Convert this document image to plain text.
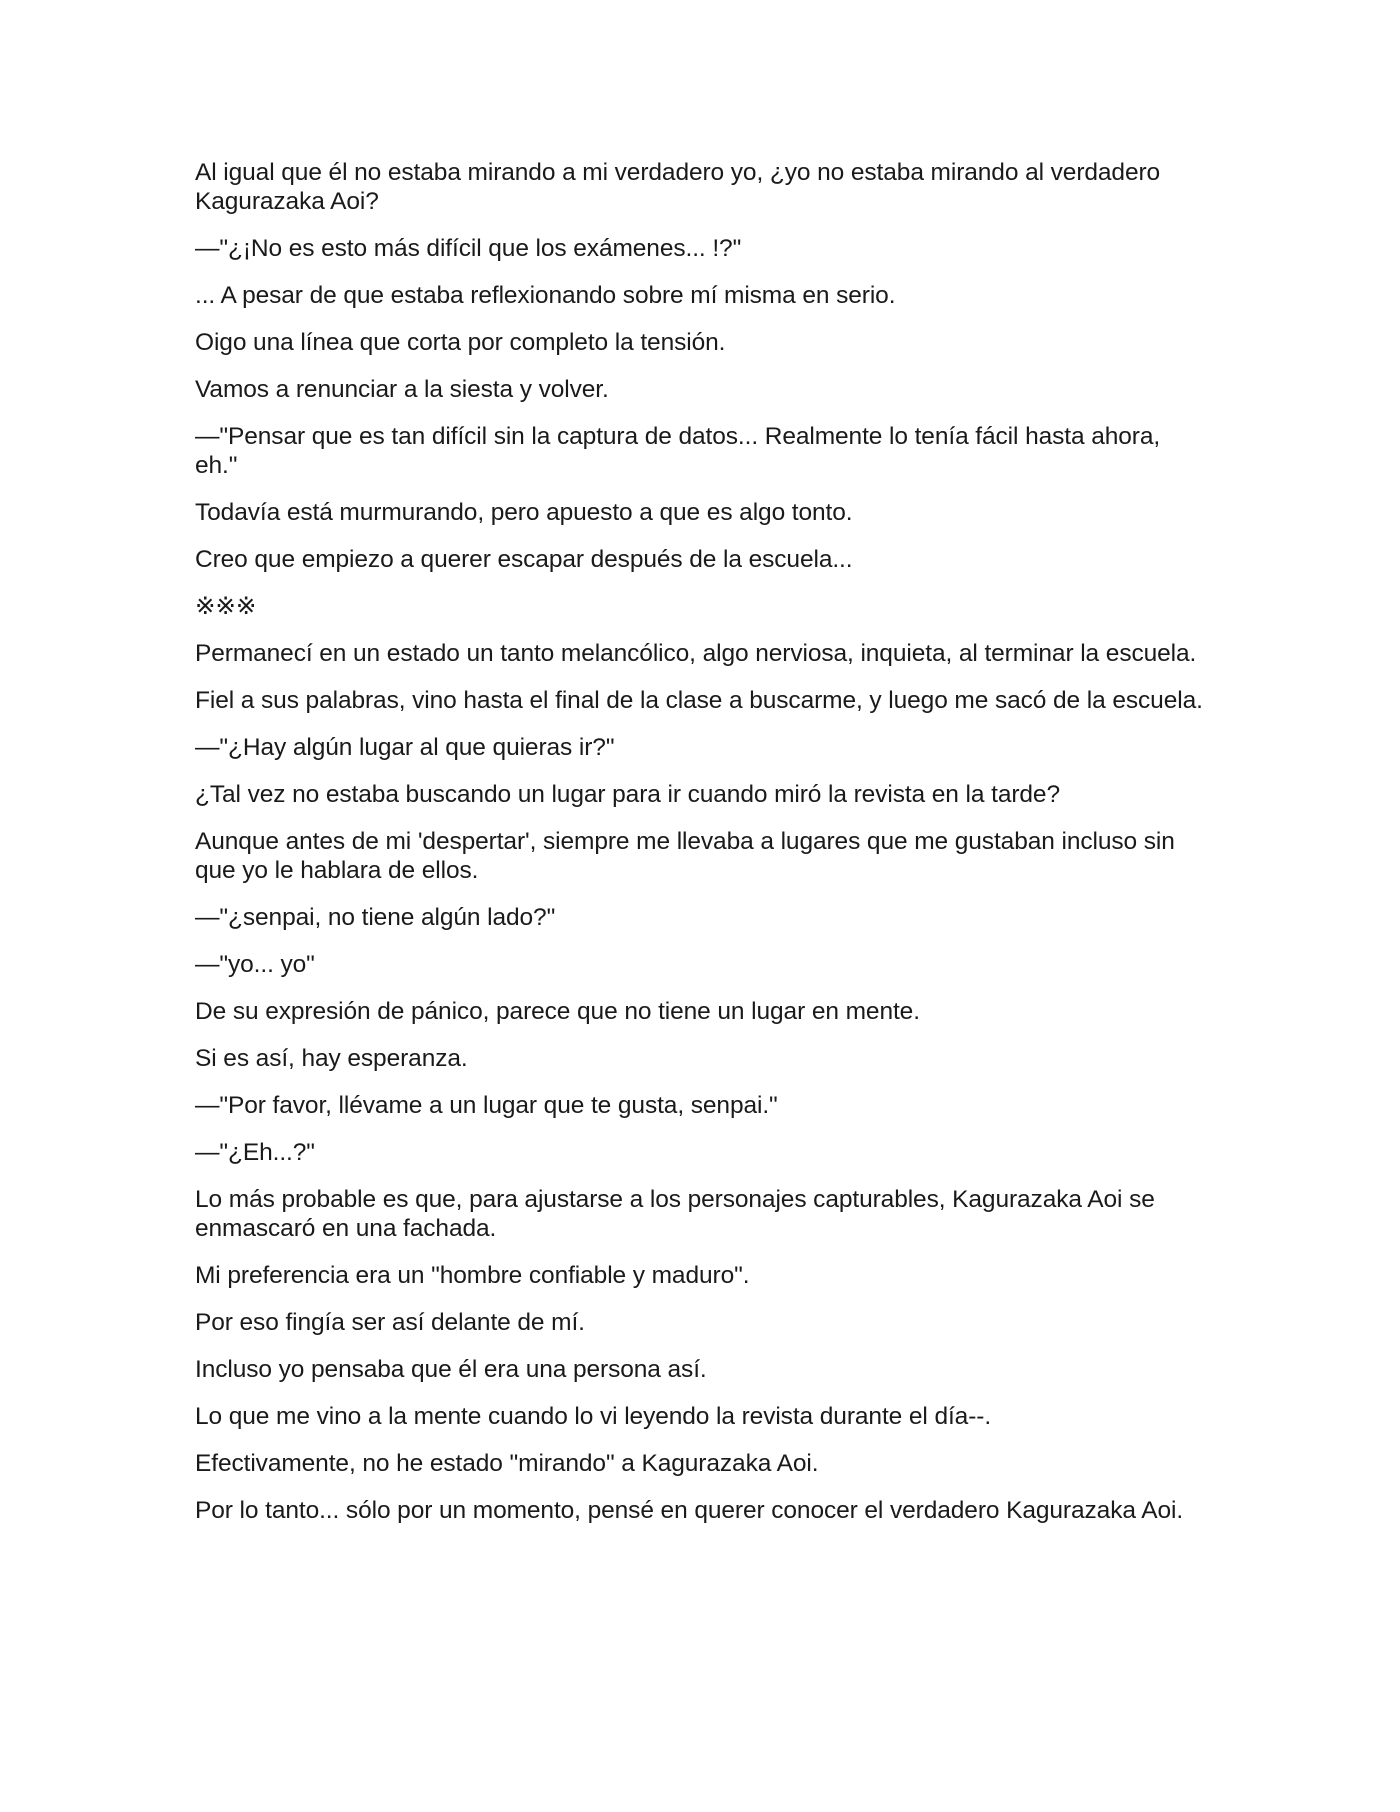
Al igual que él no estaba mirando a mi verdadero yo, ¿yo no estaba mirando al verdadero Kagurazaka Aoi?

—"¿¡No es esto más difícil que los exámenes... !?"

... A pesar de que estaba reflexionando sobre mí misma en serio.

Oigo una línea que corta por completo la tensión.

Vamos a renunciar a la siesta y volver.

—"Pensar que es tan difícil sin la captura de datos... Realmente lo tenía fácil hasta ahora, eh."

Todavía está murmurando, pero apuesto a que es algo tonto.

Creo que empiezo a querer escapar después de la escuela...

※※※

Permanecí en un estado un tanto melancólico, algo nerviosa, inquieta, al terminar la escuela.

Fiel a sus palabras, vino hasta el final de la clase a buscarme, y luego me sacó de la escuela.

—"¿Hay algún lugar al que quieras ir?"

¿Tal vez no estaba buscando un lugar para ir cuando miró la revista en la tarde?

Aunque antes de mi 'despertar', siempre me llevaba a lugares que me gustaban incluso sin que yo le hablara de ellos.

—"¿senpai, no tiene algún lado?"

—"yo... yo"

De su expresión de pánico, parece que no tiene un lugar en mente.

Si es así, hay esperanza.

—"Por favor, llévame a un lugar que te gusta, senpai."

—"¿Eh...?"

Lo más probable es que, para ajustarse a los personajes capturables, Kagurazaka Aoi se enmascaró en una fachada.

Mi preferencia era un "hombre confiable y maduro".

Por eso fingía ser así delante de mí.

Incluso yo pensaba que él era una persona así.

Lo que me vino a la mente cuando lo vi leyendo la revista durante el día--.

Efectivamente, no he estado "mirando" a Kagurazaka Aoi.

Por lo tanto... sólo por un momento, pensé en querer conocer el verdadero Kagurazaka Aoi.
